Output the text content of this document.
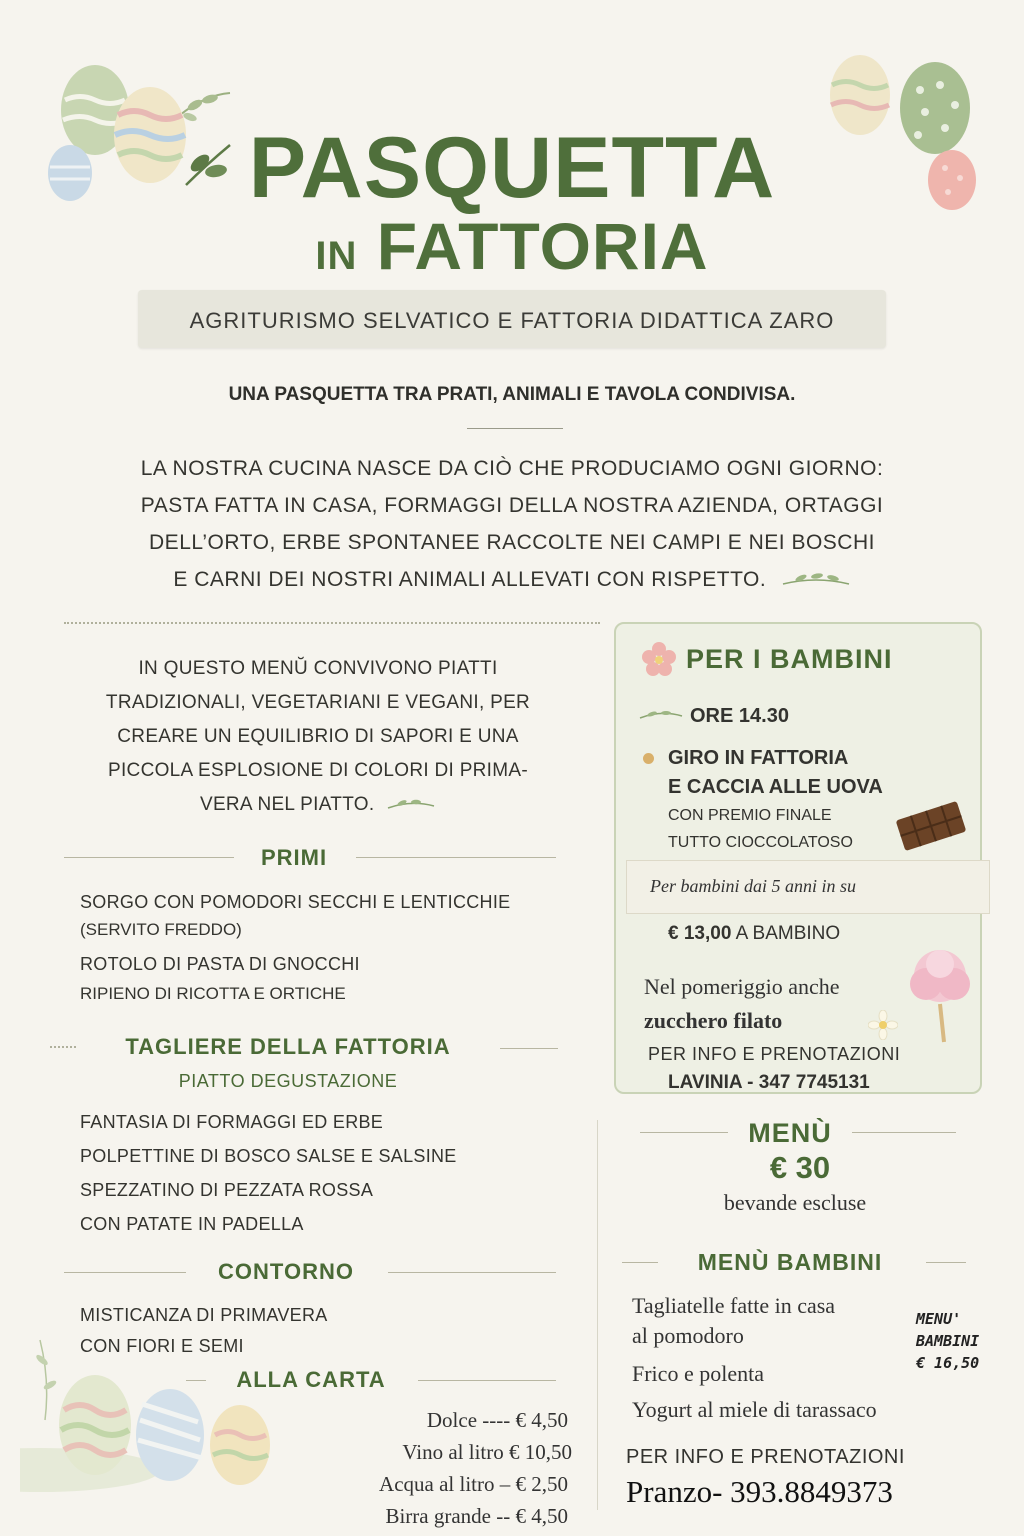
PASQUETTA
IN FATTORIA
AGRITURISMO SELVATICO E FATTORIA DIDATTICA ZARO
UNA PASQUETTA TRA PRATI, ANIMALI E TAVOLA CONDIVISA.
LA NOSTRA CUCINA NASCE DA CIÒ CHE PRODUCIAMO OGNI GIORNO:
PASTA FATTA IN CASA, FORMAGGI DELLA NOSTRA AZIENDA, ORTAGGI
DELL’ORTO, ERBE SPONTANEE RACCOLTE NEI CAMPI E NEI BOSCHI
E CARNI DEI NOSTRI ANIMALI ALLEVATI CON RISPETTO.
IN QUESTO MENŬ CONVIVONO PIATTI
TRADIZIONALI, VEGETARIANI E VEGANI, PER
CREARE UN EQUILIBRIO DI SAPORI E UNA
PICCOLA ESPLOSIONE DI COLORI DI PRIMA-
VERA NEL PIATTO.
PRIMI
SORGO CON POMODORI SECCHI E LENTICCHIE
(SERVITO FREDDO)
ROTOLO DI PASTA DI GNOCCHI
RIPIENO DI RICOTTA E ORTICHE
TAGLIERE DELLA FATTORIA
PIATTO DEGUSTAZIONE
FANTASIA DI FORMAGGI ED ERBE
POLPETTINE DI BOSCO SALSE E SALSINE
SPEZZATINO DI PEZZATA ROSSA
CON PATATE IN PADELLA
CONTORNO
MISTICANZA DI PRIMAVERA
CON FIORI E SEMI
ALLA CARTA
Dolce ---- € 4,50
Vino al litro € 10,50
Acqua al litro – € 2,50
Birra grande -- € 4,50
PER I BAMBINI
ORE 14.30
GIRO IN FATTORIA
E CACCIA ALLE UOVA
CON PREMIO FINALE
TUTTO CIOCCOLATOSO
Per bambini dai 5 anni in su
€ 13,00 A BAMBINO
Nel pomeriggio anche
zucchero filato
PER INFO E PRENOTAZIONI
LAVINIA - 347 7745131
MENÙ
€ 30
bevande escluse
MENÙ BAMBINI
Tagliatelle fatte in casa
al pomodoro
Frico e polenta
Yogurt al miele di tarassaco
MENU'
BAMBINI
€ 16,50
PER INFO E PRENOTAZIONI
Pranzo- 393.8849373
